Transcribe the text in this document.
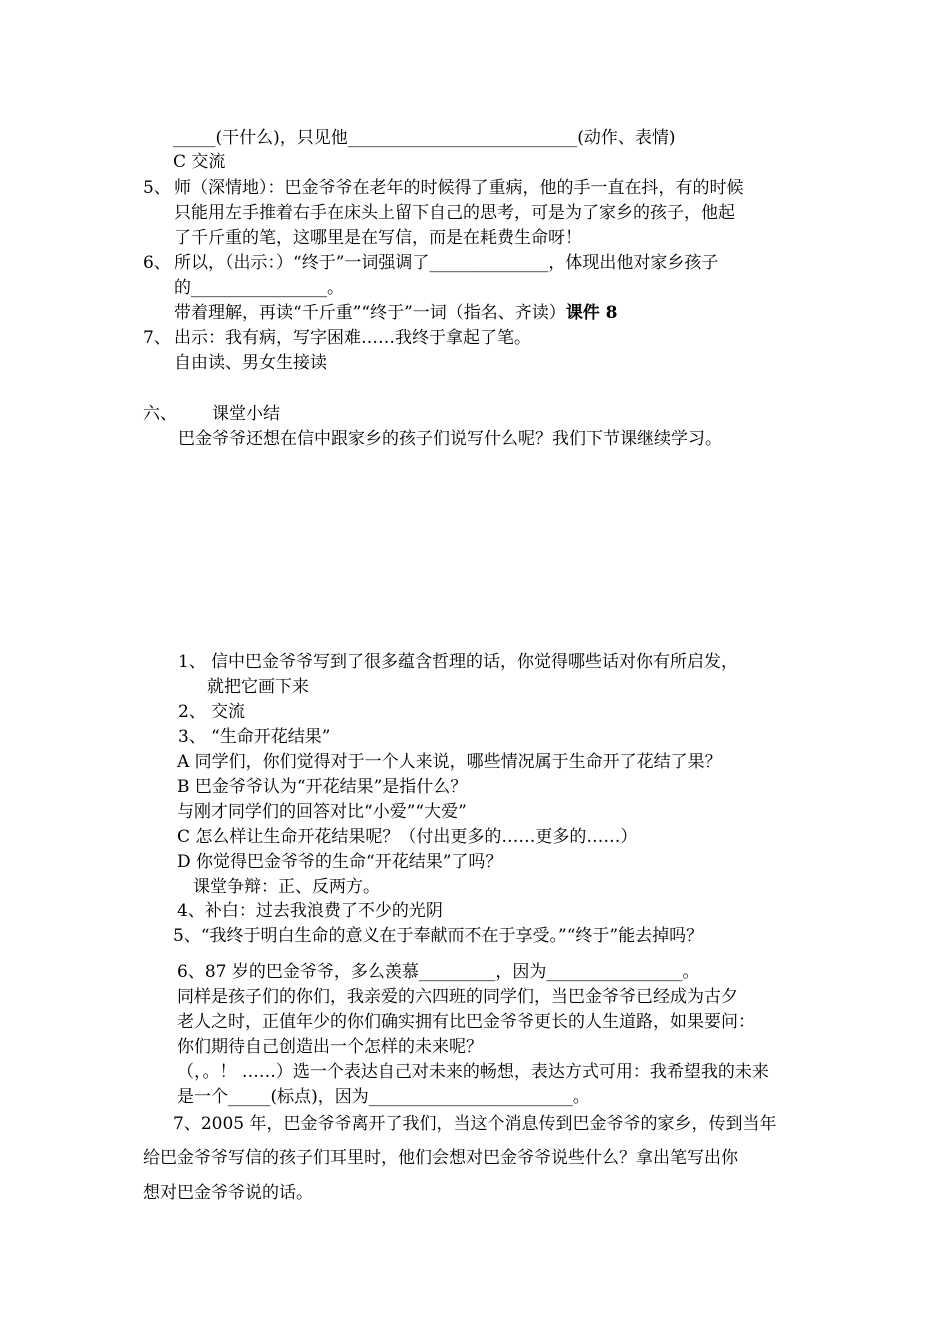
_____(干什么)，只见他___________________________(动作、表情)
C 交流
5、 师（深情地）：巴金爷爷在老年的时候得了重病，他的手一直在抖，有的时候
只能用左手推着右手在床头上留下自己的思考，可是为了家乡的孩子，他起
了千斤重的笔，这哪里是在写信，而是在耗费生命呀！
6、 所以，（出示：）“终于”一词强调了______________，体现出他对家乡孩子
的________________。
带着理解，再读“千斤重”“终于”一词（指名、齐读）课件 8
7、 出示：我有病，写字困难……我终于拿起了笔。
自由读、男女生接读
六、 课堂小结
巴金爷爷还想在信中跟家乡的孩子们说写什么呢？我们下节课继续学习。
1、 信中巴金爷爷写到了很多蕴含哲理的话，你觉得哪些话对你有所启发，
就把它画下来
2、 交流
3、 “生命开花结果”
A 同学们，你们觉得对于一个人来说，哪些情况属于生命开了花结了果？
B 巴金爷爷认为“开花结果”是指什么？
与刚才同学们的回答对比“小爱”“大爱”
C 怎么样让生命开花结果呢？（付出更多的……更多的……）
D 你觉得巴金爷爷的生命“开花结果”了吗？
课堂争辩：正、反两方。
4、补白：过去我浪费了不少的光阴
5、“我终于明白生命的意义在于奉献而不在于享受。”“终于”能去掉吗？
6、87 岁的巴金爷爷，多么羡慕_________，因为________________。
同样是孩子们的你们，我亲爱的六四班的同学们，当巴金爷爷已经成为古夕
老人之时，正值年少的你们确实拥有比巴金爷爷更长的人生道路，如果要问：
你们期待自己创造出一个怎样的未来呢？
（，。！ ……）选一个表达自己对未来的畅想，表达方式可用：我希望我的未来
是一个_____(标点)，因为________________________。
7、2005 年，巴金爷爷离开了我们，当这个消息传到巴金爷爷的家乡，传到当年
给巴金爷爷写信的孩子们耳里时，他们会想对巴金爷爷说些什么？拿出笔写出你
想对巴金爷爷说的话。
